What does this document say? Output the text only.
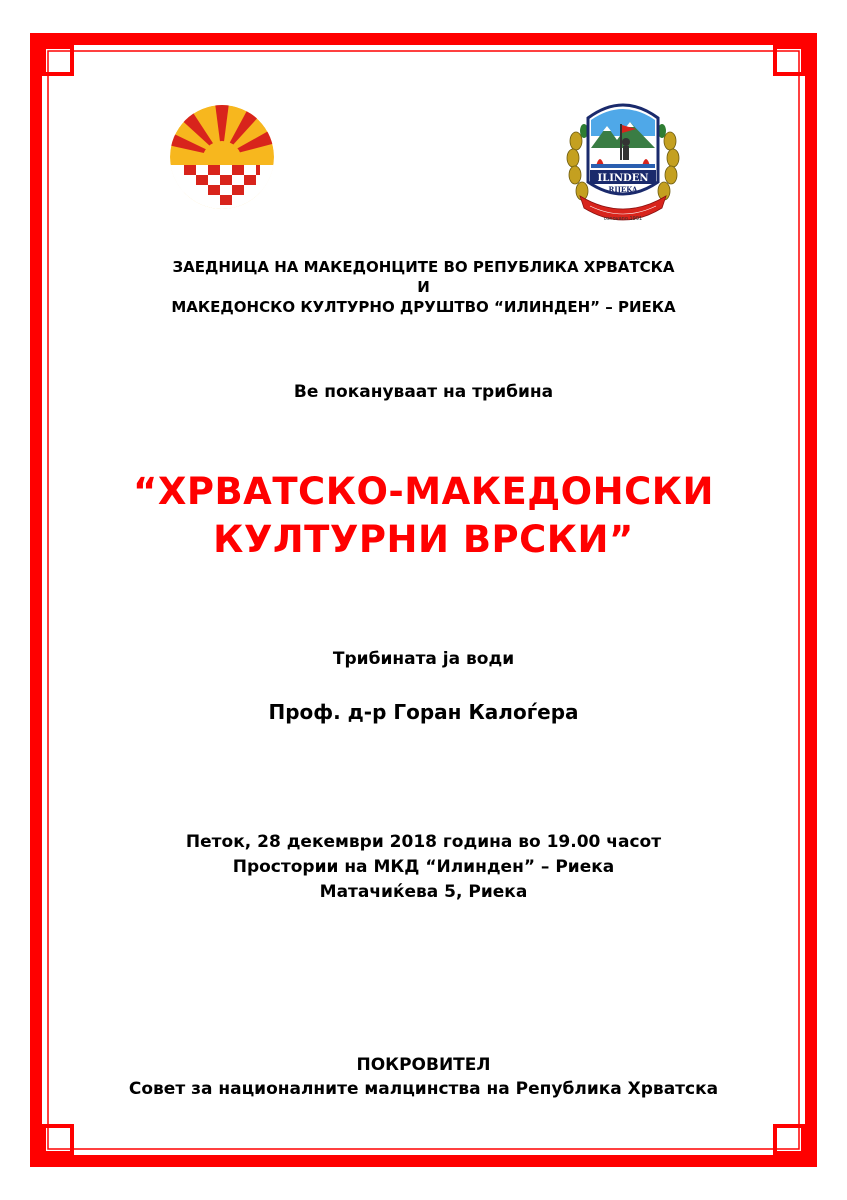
ILINDEN
RIJEKA
osnovano 1991
ЗАЕДНИЦА НА МАКЕДОНЦИТЕ ВО РЕПУБЛИКА ХРВАТСКА
И
МАКЕДОНСКО КУЛТУРНО ДРУШТВО “ИЛИНДЕН” – РИЕКА
Ве покануваат на трибина
“ХРВАТСКО-МАКЕДОНСКИ
КУЛТУРНИ ВРСКИ”
Трибината ја води
Проф. д-р Горан Калоѓера
Петок, 28 декември 2018 година во 19.00 часот
Простории на МКД “Илинден” – Риека
Матачиќева 5, Риека
ПОКРОВИТЕЛ
Совет за националните малцинства на Република Хрватска
